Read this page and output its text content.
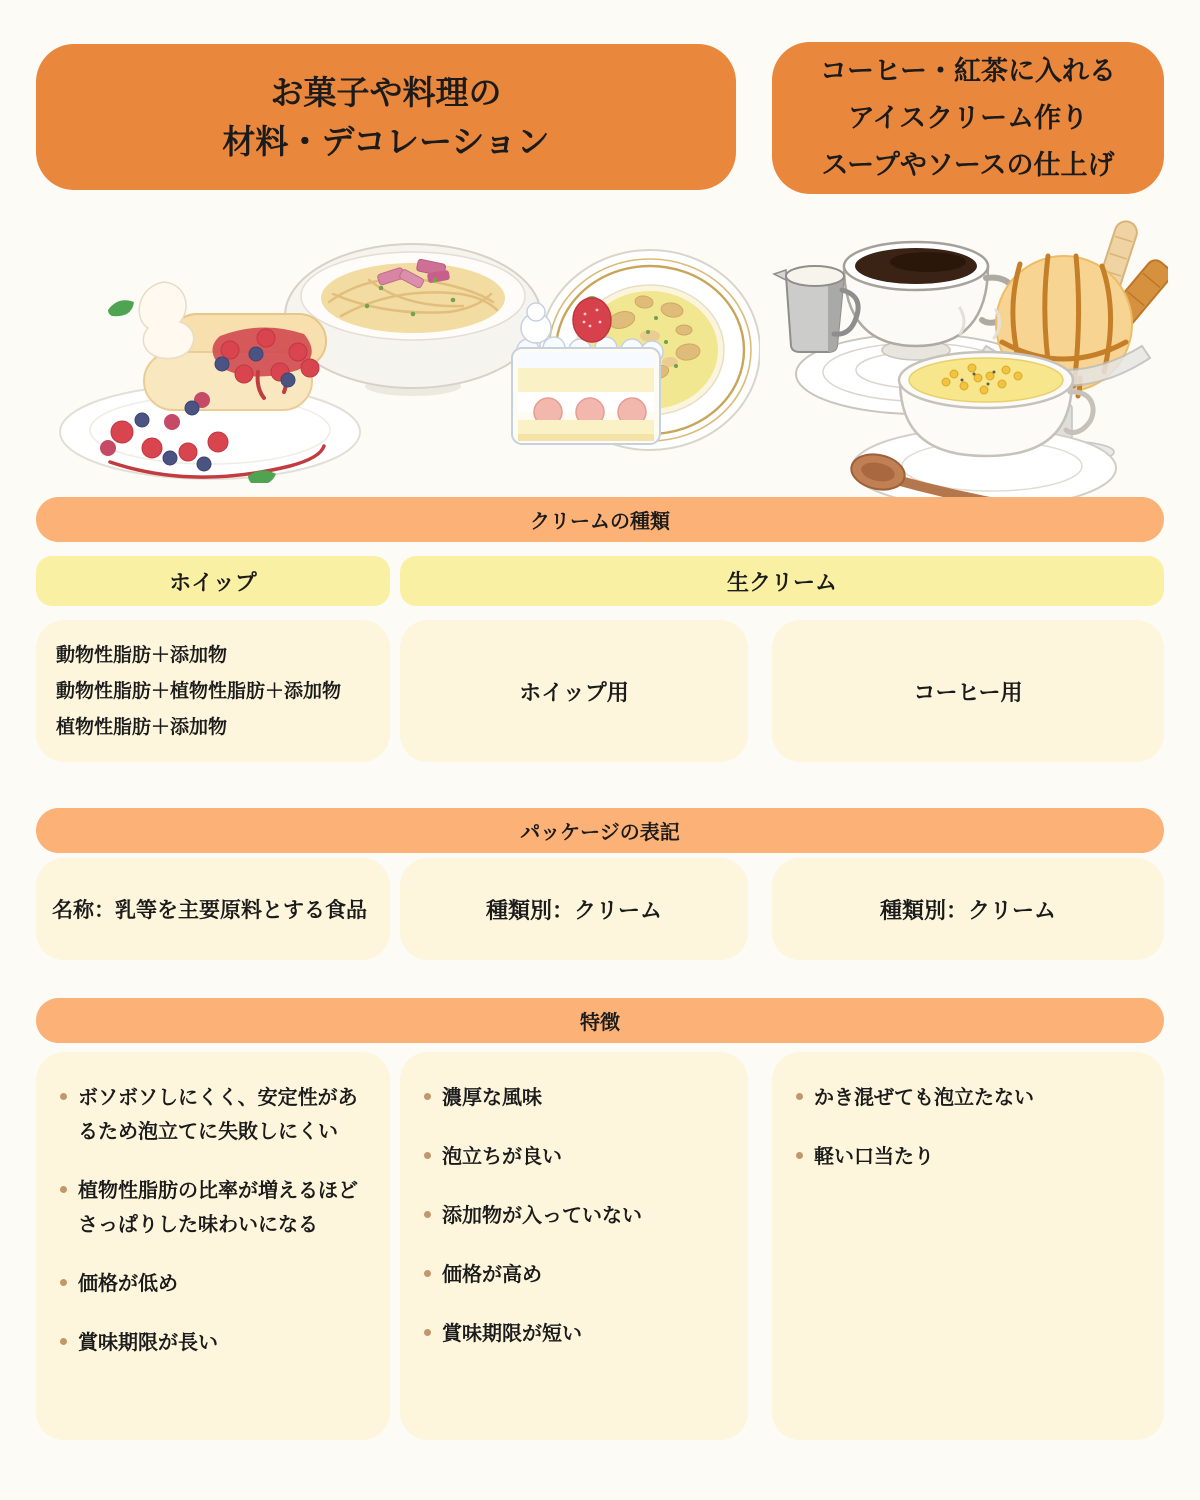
お菓子や料理の
材料・デコレーション
コーヒー・紅茶に入れる
アイスクリーム作り
スープやソースの仕上げ
クリームの種類
ホイップ	生クリーム
動物性脂肪＋添加物
動物性脂肪＋植物性脂肪＋添加物
植物性脂肪＋添加物
ホイップ用	コーヒー用
パッケージの表記
名称：乳等を主要原料とする食品	種類別：クリーム	種類別：クリーム
特徴
ボソボソしにくく、安定性があるため泡立てに失敗しにくい
植物性脂肪の比率が増えるほどさっぱりした味わいになる
価格が低め
賞味期限が長い
濃厚な風味
泡立ちが良い
添加物が入っていない
価格が高め
賞味期限が短い
かき混ぜても泡立たない
軽い口当たり
